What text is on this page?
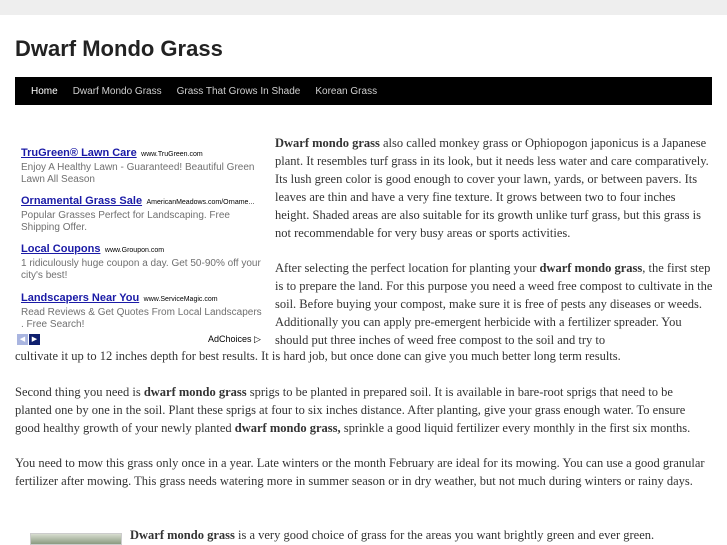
Dwarf Mondo Grass
Home Dwarf Mondo Grass Grass That Grows In Shade Korean Grass
TruGreen® Lawn Care www.TruGreen.com
Enjoy A Healthy Lawn - Guaranteed! Beautiful Green Lawn All Season
Ornamental Grass Sale AmericanMeadows.com/Orname...
Popular Grasses Perfect for Landscaping. Free Shipping Offer.
Local Coupons www.Groupon.com
1 ridiculously huge coupon a day. Get 50-90% off your city's best!
Landscapers Near You www.ServiceMagic.com
Read Reviews & Get Quotes From Local Landscapers . Free Search!
◀ ▶	AdChoices ▷

Dwarf mondo grass also called monkey grass or Ophiopogon japonicus is a Japanese plant. It resembles turf grass in its look, but it needs less water and care comparatively. Its lush green color is good enough to cover your lawn, yards, or between pavers. Its leaves are thin and have a very fine texture. It grows between two to four inches height. Shaded areas are also suitable for its growth unlike turf grass, but this grass is not recommendable for very busy areas or sports activities.

After selecting the perfect location for planting your dwarf mondo grass, the first step is to prepare the land. For this purpose you need a weed free compost to cultivate in the soil. Before buying your compost, make sure it is free of pests any diseases or weeds. Additionally you can apply pre-emergent herbicide with a fertilizer spreader. You should put three inches of weed free compost to the soil and try to

cultivate it up to 12 inches depth for best results. It is hard job, but once done can give you much better long term results.

Second thing you need is dwarf mondo grass sprigs to be planted in prepared soil. It is available in bare-root sprigs that need to be planted one by one in the soil. Plant these sprigs at four to six inches distance. After planting, give your grass enough water. To ensure good healthy growth of your newly planted dwarf mondo grass, sprinkle a good liquid fertilizer every monthly in the first six months.

You need to mow this grass only once in a year. Late winters or the month February are ideal for its mowing. You can use a good granular fertilizer after mowing. This grass needs watering more in summer season or in dry weather, but not much during winters or rainy days.

Dwarf mondo grass is a very good choice of grass for the areas you want brightly green and ever green.
